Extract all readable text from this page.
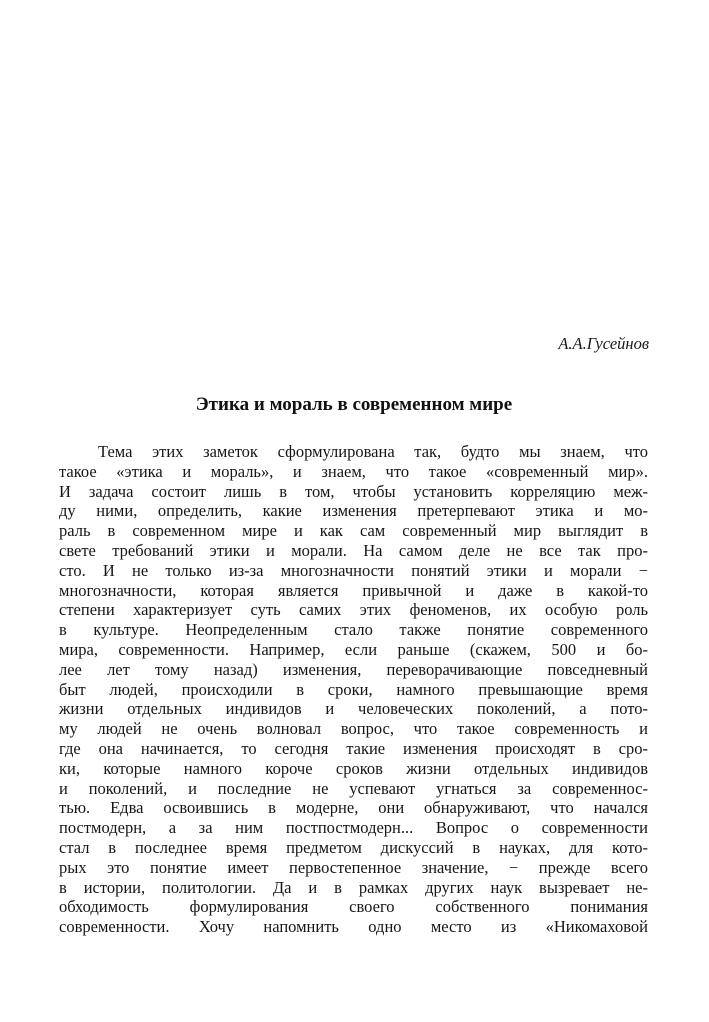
А.А.Гусейнов
Этика и мораль в современном мире
Тема этих заметок сформулирована так, будто мы знаем, что
такое «этика и мораль», и знаем, что такое «современный мир».
И задача состоит лишь в том, чтобы установить корреляцию меж-
ду ними, определить, какие изменения претерпевают этика и мо-
раль в современном мире и как сам современный мир выглядит в
свете требований этики и морали. На самом деле не все так про-
сто. И не только из-за многозначности понятий этики и морали −
многозначности, которая является привычной и даже в какой-то
степени характеризует суть самих этих феноменов, их особую роль
в культуре. Неопределенным стало также понятие современного
мира, современности. Например, если раньше (скажем, 500 и бо-
лее лет тому назад) изменения, переворачивающие повседневный
быт людей, происходили в сроки, намного превышающие время
жизни отдельных индивидов и человеческих поколений, а пото-
му людей не очень волновал вопрос, что такое современность и
где она начинается, то сегодня такие изменения происходят в сро-
ки, которые намного короче сроков жизни отдельных индивидов
и поколений, и последние не успевают угнаться за современнос-
тью. Едва освоившись в модерне, они обнаруживают, что начался
постмодерн, а за ним постпостмодерн... Вопрос о современности
стал в последнее время предметом дискуссий в науках, для кото-
рых это понятие имеет первостепенное значение, − прежде всего
в истории, политологии. Да и в рамках других наук вызревает не-
обходимость формулирования своего собственного понимания
современности. Хочу напомнить одно место из «Никомаховой
